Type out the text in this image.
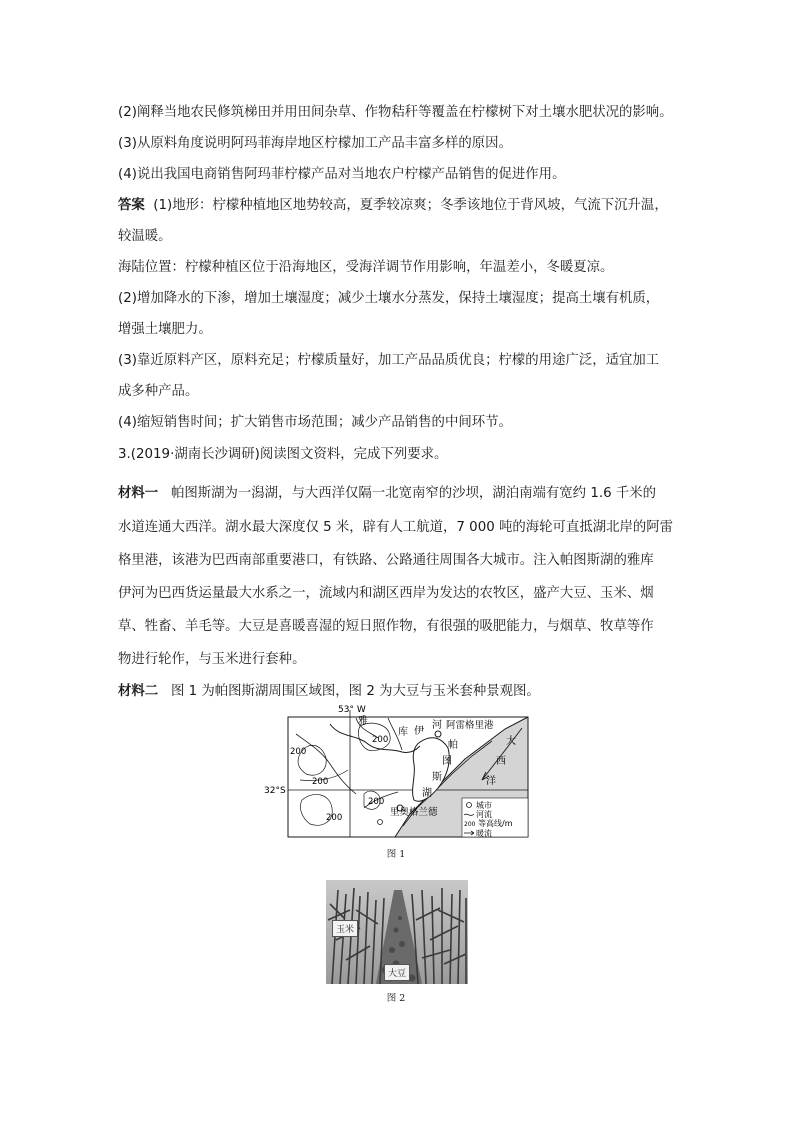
(2)阐释当地农民修筑梯田并用田间杂草、作物秸秆等覆盖在柠檬树下对土壤水肥状况的影响。
(3)从原料角度说明阿玛菲海岸地区柠檬加工产品丰富多样的原因。
(4)说出我国电商销售阿玛菲柠檬产品对当地农户柠檬产品销售的促进作用。
答案 (1)地形：柠檬种植地区地势较高，夏季较凉爽；冬季该地位于背风坡，气流下沉升温，
较温暖。
海陆位置：柠檬种植区位于沿海地区，受海洋调节作用影响，年温差小，冬暖夏凉。
(2)增加降水的下渗，增加土壤湿度；减少土壤水分蒸发，保持土壤湿度；提高土壤有机质，
增强土壤肥力。
(3)靠近原料产区，原料充足；柠檬质量好，加工产品品质优良；柠檬的用途广泛，适宜加工
成多种产品。
(4)缩短销售时间；扩大销售市场范围；减少产品销售的中间环节。
3.(2019·湖南长沙调研)阅读图文资料，完成下列要求。
材料一 帕图斯湖为一潟湖，与大西洋仅隔一北宽南窄的沙坝，湖泊南端有宽约 1.6 千米的
水道连通大西洋。湖水最大深度仅 5 米，辟有人工航道，7 000 吨的海轮可直抵湖北岸的阿雷
格里港，该港为巴西南部重要港口，有铁路、公路通往周围各大城市。注入帕图斯湖的雅库
伊河为巴西货运量最大水系之一，流域内和湖区西岸为发达的农牧区，盛产大豆、玉米、烟
草、牲畜、羊毛等。大豆是喜暖喜湿的短日照作物，有很强的吸肥能力，与烟草、牧草等作
物进行轮作，与玉米进行套种。
材料二 图 1 为帕图斯湖周围区域图，图 2 为大豆与玉米套种景观图。
53° W
32°S
雅
库 伊
河 阿雷格里港
帕
图
斯
湖
里奥格兰德
大
西
洋
200
200
200
200
200
城市
河流
200 等高线/m
暖流
图 1
玉米
大豆
图 2
